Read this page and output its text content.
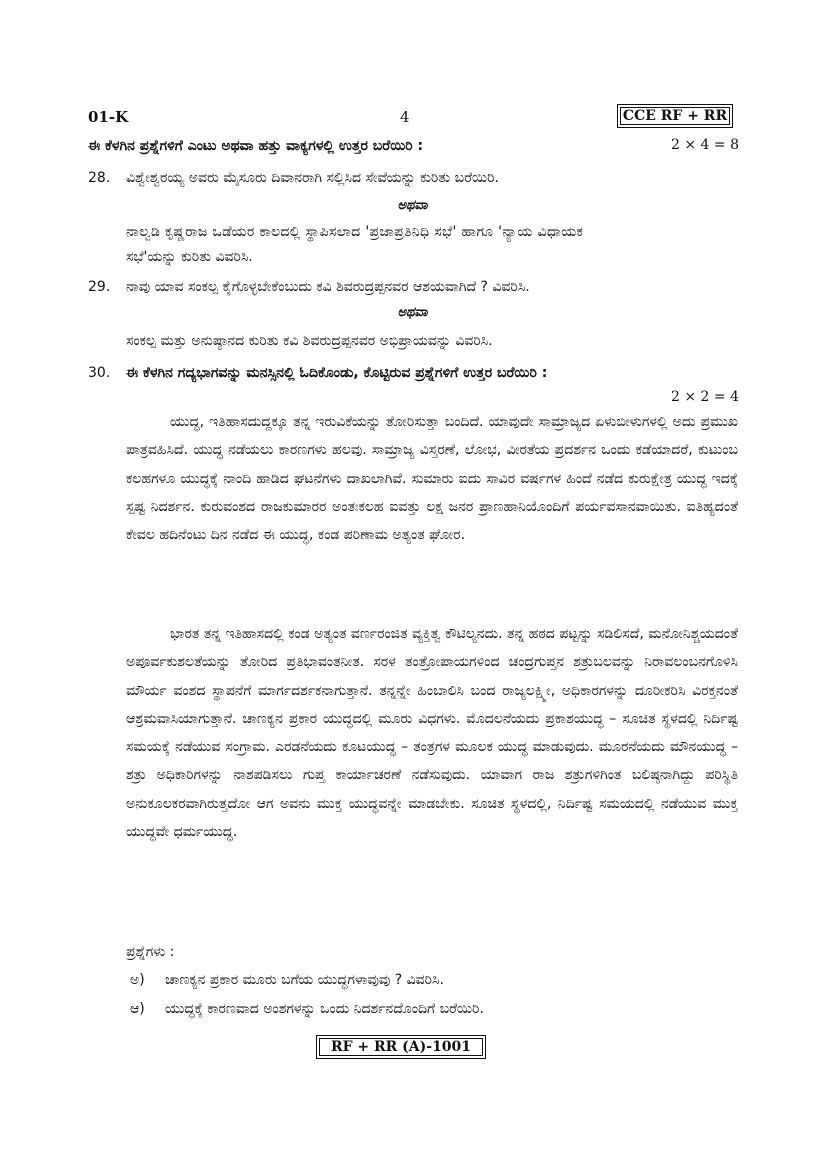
01-K	4	CCE RF + RR
ಈ ಕೆಳಗಿನ ಪ್ರಶ್ನೆಗಳಿಗೆ ಎಂಟು ಅಥವಾ ಹತ್ತು ವಾಕ್ಯಗಳಲ್ಲಿ ಉತ್ತರ ಬರೆಯಿರಿ :	2 × 4 = 8
28. ವಿಶ್ವೇಶ್ವರಯ್ಯ ಅವರು ಮೈಸೂರು ದಿವಾನರಾಗಿ ಸಲ್ಲಿಸಿದ ಸೇವೆಯನ್ನು ಕುರಿತು ಬರೆಯಿರಿ.
ಅಥವಾ
ನಾಲ್ವಡಿ ಕೃಷ್ಣರಾಜ ಒಡೆಯರ ಕಾಲದಲ್ಲಿ ಸ್ಥಾಪಿಸಲಾದ 'ಪ್ರಜಾಪ್ರತಿನಿಧಿ ಸಭೆ' ಹಾಗೂ 'ನ್ಯಾಯ ವಿಧಾಯಕ
ಸಭೆ'ಯನ್ನು ಕುರಿತು ವಿವರಿಸಿ.
29. ನಾವು ಯಾವ ಸಂಕಲ್ಪ ಕೈಗೊಳ್ಳಬೇಕೆಂಬುದು ಕವಿ ಶಿವರುದ್ರಪ್ಪನವರ ಆಶಯವಾಗಿದೆ ? ವಿವರಿಸಿ.
ಅಥವಾ
ಸಂಕಲ್ಪ ಮತ್ತು ಅನುಷ್ಠಾನದ ಕುರಿತು ಕವಿ ಶಿವರುದ್ರಪ್ಪನವರ ಅಭಿಪ್ರಾಯವನ್ನು ವಿವರಿಸಿ.
30. ಈ ಕೆಳಗಿನ ಗದ್ಯಭಾಗವನ್ನು ಮನಸ್ಸಿನಲ್ಲಿ ಓದಿಕೊಂಡು, ಕೊಟ್ಟಿರುವ ಪ್ರಶ್ನೆಗಳಿಗೆ ಉತ್ತರ ಬರೆಯಿರಿ :
2 × 2 = 4
ಯುದ್ಧ, ಇತಿಹಾಸದುದ್ದಕ್ಕೂ ತನ್ನ ಇರುವಿಕೆಯನ್ನು ತೋರಿಸುತ್ತಾ ಬಂದಿದೆ. ಯಾವುದೇ ಸಾಮ್ರಾಜ್ಯದ ಏಳುಬೀಳುಗಳಲ್ಲಿ ಅದು ಪ್ರಮುಖ ಪಾತ್ರವಹಿಸಿದೆ. ಯುದ್ಧ ನಡೆಯಲು ಕಾರಣಗಳು ಹಲವು. ಸಾಮ್ರಾಜ್ಯ ವಿಸ್ತರಣೆ, ಲೋಭ, ವೀರತೆಯ ಪ್ರದರ್ಶನ ಒಂದು ಕಡೆಯಾದರೆ, ಕುಟುಂಬ ಕಲಹಗಳೂ ಯುದ್ಧಕ್ಕೆ ನಾಂದಿ ಹಾಡಿದ ಘಟನೆಗಳು ದಾಖಲಾಗಿವೆ. ಸುಮಾರು ಐದು ಸಾವಿರ ವರ್ಷಗಳ ಹಿಂದೆ ನಡೆದ ಕುರುಕ್ಷೇತ್ರ ಯುದ್ಧ ಇದಕ್ಕೆ ಸ್ಪಷ್ಟ ನಿದರ್ಶನ. ಕುರುವಂಶದ ರಾಜಕುಮಾರರ ಅಂತಃಕಲಹ ಐವತ್ತು ಲಕ್ಷ ಜನರ ಪ್ರಾಣಹಾನಿಯೊಂದಿಗೆ ಪರ್ಯವಸಾನವಾಯಿತು. ಐತಿಹ್ಯದಂತೆ ಕೇವಲ ಹದಿನೆಂಟು ದಿನ ನಡೆದ ಈ ಯುದ್ಧ, ಕಂಡ ಪರಿಣಾಮ ಅತ್ಯಂತ ಘೋರ.
ಭಾರತ ತನ್ನ ಇತಿಹಾಸದಲ್ಲಿ ಕಂಡ ಅತ್ಯಂತ ವರ್ಣರಂಜಿತ ವ್ಯಕ್ತಿತ್ವ ಕೌಟಿಲ್ಯನದು. ತನ್ನ ಹಠದ ಪಟ್ಟನ್ನು ಸಡಿಲಿಸದೆ, ಮನೋನಿಶ್ಚಯದಂತೆ ಅಪೂರ್ವಕುಶಲತೆಯನ್ನು ತೋರಿದ ಪ್ರತಿಭಾವಂತನೀತ. ಸರಳ ತಂತ್ರೋಪಾಯಗಳಿಂದ ಚಂದ್ರಗುಪ್ತನ ಶತ್ರುಬಲವನ್ನು ನಿರಾವಲಂಬನಗೊಳಿಸಿ ಮೌರ್ಯ ವಂಶದ ಸ್ಥಾಪನೆಗೆ ಮಾರ್ಗದರ್ಶಕನಾಗುತ್ತಾನೆ. ತನ್ನನ್ನೇ ಹಿಂಬಾಲಿಸಿ ಬಂದ ರಾಜ್ಯಲಕ್ಷ್ಮೀ, ಅಧಿಕಾರಗಳನ್ನು ದೂರೀಕರಿಸಿ ವಿರಕ್ತನಂತೆ ಆಶ್ರಮವಾಸಿಯಾಗುತ್ತಾನೆ. ಚಾಣಕ್ಯನ ಪ್ರಕಾರ ಯುದ್ಧದಲ್ಲಿ ಮೂರು ವಿಧಗಳು. ಮೊದಲನೆಯದು ಪ್ರಕಾಶಯುದ್ಧ – ಸೂಚಿತ ಸ್ಥಳದಲ್ಲಿ ನಿರ್ದಿಷ್ಟ ಸಮಯಕ್ಕೆ ನಡೆಯುವ ಸಂಗ್ರಾಮ. ಎರಡನೆಯದು ಕೂಟಯುದ್ಧ – ತಂತ್ರಗಳ ಮೂಲಕ ಯುದ್ಧ ಮಾಡುವುದು. ಮೂರನೆಯದು ಮೌನಯುದ್ಧ – ಶತ್ರು ಅಧಿಕಾರಿಗಳನ್ನು ನಾಶಪಡಿಸಲು ಗುಪ್ತ ಕಾರ್ಯಾಚರಣೆ ನಡೆಸುವುದು. ಯಾವಾಗ ರಾಜ ಶತ್ರುಗಳಿಗಿಂತ ಬಲಿಷ್ಠನಾಗಿದ್ದು ಪರಿಸ್ಥಿತಿ ಅನುಕೂಲಕರವಾಗಿರುತ್ತದೋ ಆಗ ಅವನು ಮುಕ್ತ ಯುದ್ಧವನ್ನೇ ಮಾಡಬೇಕು. ಸೂಚಿತ ಸ್ಥಳದಲ್ಲಿ, ನಿರ್ದಿಷ್ಟ ಸಮಯದಲ್ಲಿ ನಡೆಯುವ ಮುಕ್ತ ಯುದ್ಧವೇ ಧರ್ಮಯುದ್ಧ.
ಪ್ರಶ್ನೆಗಳು :
ಅ) ಚಾಣಕ್ಯನ ಪ್ರಕಾರ ಮೂರು ಬಗೆಯ ಯುದ್ಧಗಳಾವುವು ? ವಿವರಿಸಿ.
ಆ) ಯುದ್ಧಕ್ಕೆ ಕಾರಣವಾದ ಅಂಶಗಳನ್ನು ಒಂದು ನಿದರ್ಶನದೊಂದಿಗೆ ಬರೆಯಿರಿ.
RF + RR (A)-1001
